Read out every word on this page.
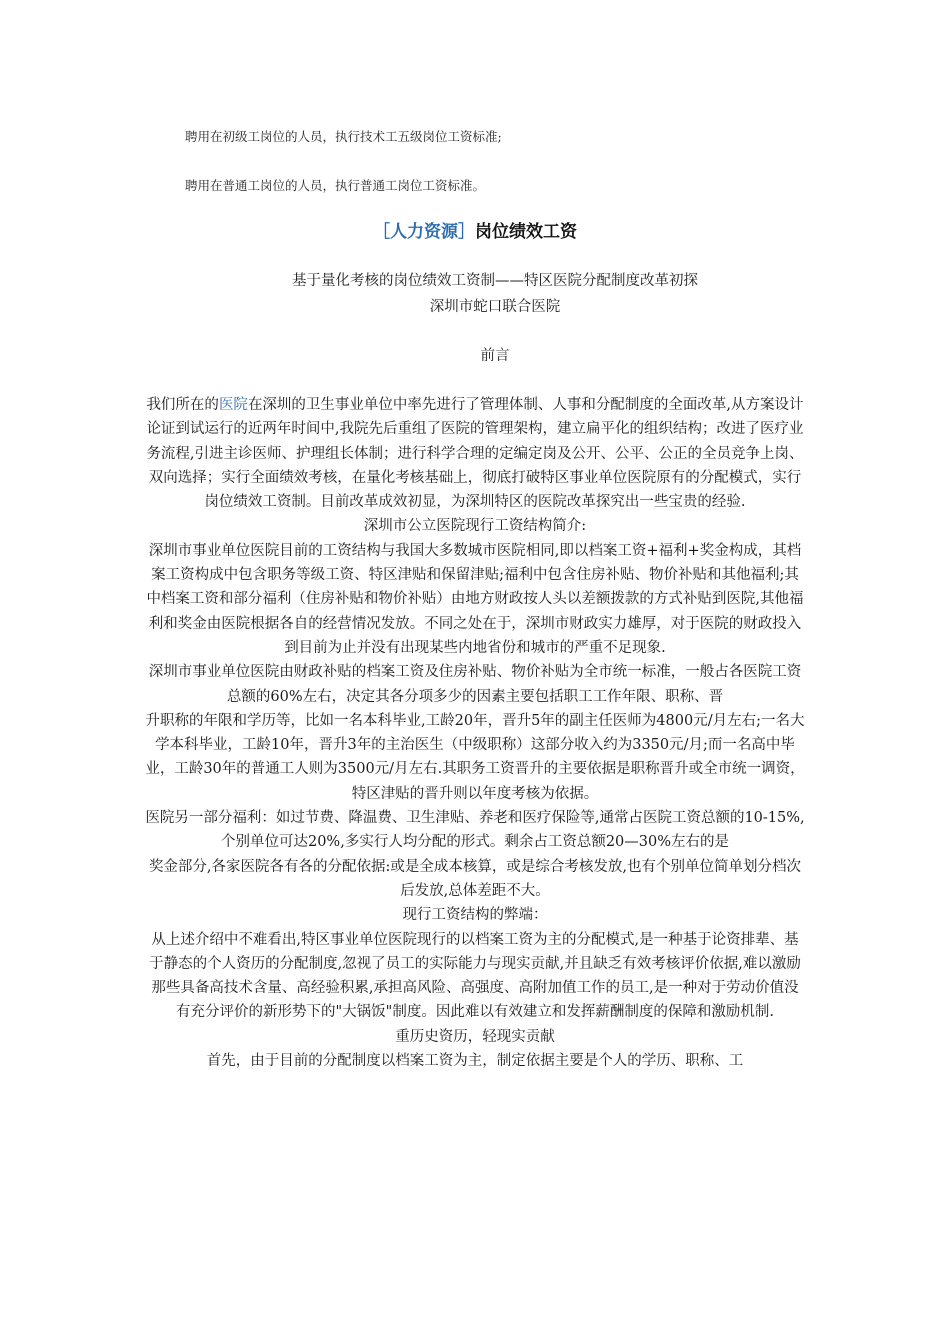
聘用在初级工岗位的人员，执行技术工五级岗位工资标准;
聘用在普通工岗位的人员，执行普通工岗位工资标准。
［人力资源］岗位绩效工资
基于量化考核的岗位绩效工资制——特区医院分配制度改革初探
深圳市蛇口联合医院
前言

我们所在的医院在深圳的卫生事业单位中率先进行了管理体制、人事和分配制度的全面改革,从方案设计论证到试运行的近两年时间中,我院先后重组了医院的管理架构，建立扁平化的组织结构；改进了医疗业务流程,引进主诊医师、护理组长体制；进行科学合理的定编定岗及公开、公平、公正的全员竞争上岗、双向选择；实行全面绩效考核，在量化考核基础上，彻底打破特区事业单位医院原有的分配模式，实行岗位绩效工资制。目前改革成效初显，为深圳特区的医院改革探究出一些宝贵的经验.

深圳市公立医院现行工资结构简介:

深圳市事业单位医院目前的工资结构与我国大多数城市医院相同,即以档案工资+福利+奖金构成，其档案工资构成中包含职务等级工资、特区津贴和保留津贴;福利中包含住房补贴、物价补贴和其他福利;其中档案工资和部分福利（住房补贴和物价补贴）由地方财政按人头以差额拨款的方式补贴到医院,其他福利和奖金由医院根据各自的经营情况发放。不同之处在于，深圳市财政实力雄厚，对于医院的财政投入到目前为止并没有出现某些内地省份和城市的严重不足现象.

深圳市事业单位医院由财政补贴的档案工资及住房补贴、物价补贴为全市统一标准，一般占各医院工资总额的60%左右，决定其各分项多少的因素主要包括职工工作年限、职称、晋

升职称的年限和学历等，比如一名本科毕业,工龄20年，晋升5年的副主任医师为4800元/月左右;一名大学本科毕业，工龄10年，晋升3年的主治医生（中级职称）这部分收入约为3350元/月;而一名高中毕业，工龄30年的普通工人则为3500元/月左右.其职务工资晋升的主要依据是职称晋升或全市统一调资，特区津贴的晋升则以年度考核为依据。

医院另一部分福利：如过节费、降温费、卫生津贴、养老和医疗保险等,通常占医院工资总额的10-15%,个别单位可达20%,多实行人均分配的形式。剩余占工资总额20—30%左右的是

奖金部分,各家医院各有各的分配依据:或是全成本核算，或是综合考核发放,也有个别单位简单划分档次后发放,总体差距不大。

现行工资结构的弊端：

从上述介绍中不难看出,特区事业单位医院现行的以档案工资为主的分配模式,是一种基于论资排辈、基于静态的个人资历的分配制度,忽视了员工的实际能力与现实贡献,并且缺乏有效考核评价依据,难以激励那些具备高技术含量、高经验积累,承担高风险、高强度、高附加值工作的员工,是一种对于劳动价值没有充分评价的新形势下的"大锅饭"制度。因此难以有效建立和发挥薪酬制度的保障和激励机制.

重历史资历，轻现实贡献

首先，由于目前的分配制度以档案工资为主，制定依据主要是个人的学历、职称、工
